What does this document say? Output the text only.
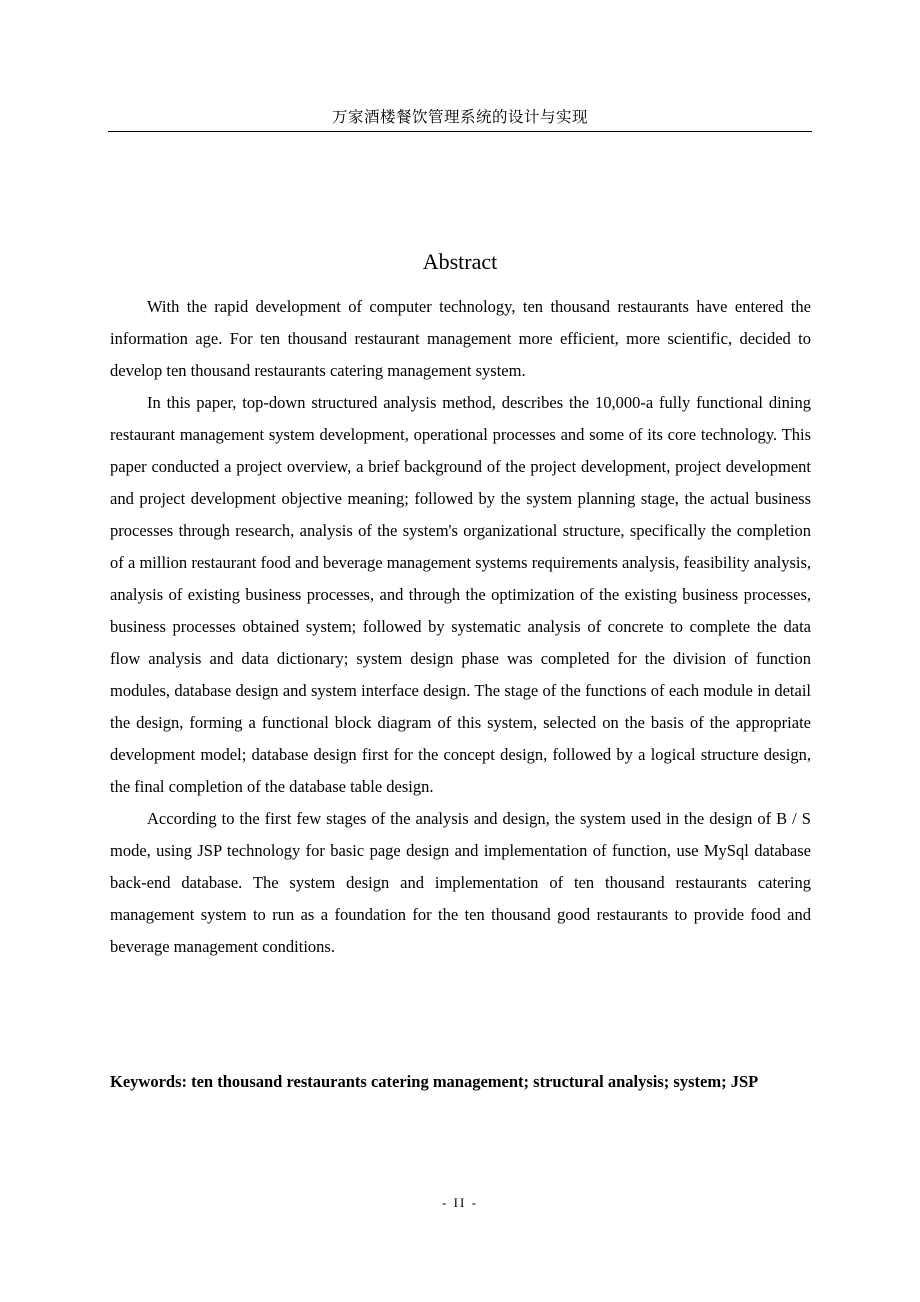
万家酒楼餐饮管理系统的设计与实现
Abstract

With the rapid development of computer technology, ten thousand restaurants have entered the information age. For ten thousand restaurant management more efficient, more scientific, decided to develop ten thousand restaurants catering management system.

In this paper, top-down structured analysis method, describes the 10,000-a fully functional dining restaurant management system development, operational processes and some of its core technology. This paper conducted a project overview, a brief background of the project development, project development and project development objective meaning; followed by the system planning stage, the actual business processes through research, analysis of the system's organizational structure, specifically the completion of a million restaurant food and beverage management systems requirements analysis, feasibility analysis, analysis of existing business processes, and through the optimization of the existing business processes, business processes obtained system; followed by systematic analysis of concrete to complete the data flow analysis and data dictionary; system design phase was completed for the division of function modules, database design and system interface design. The stage of the functions of each module in detail the design, forming a functional block diagram of this system, selected on the basis of the appropriate development model; database design first for the concept design, followed by a logical structure design, the final completion of the database table design.

According to the first few stages of the analysis and design, the system used in the design of B / S mode, using JSP technology for basic page design and implementation of function, use MySql database back-end database. The system design and implementation of ten thousand restaurants catering management system to run as a foundation for the ten thousand good restaurants to provide food and beverage management conditions.

Keywords: ten thousand restaurants catering management; structural analysis; system; JSP

- II -
